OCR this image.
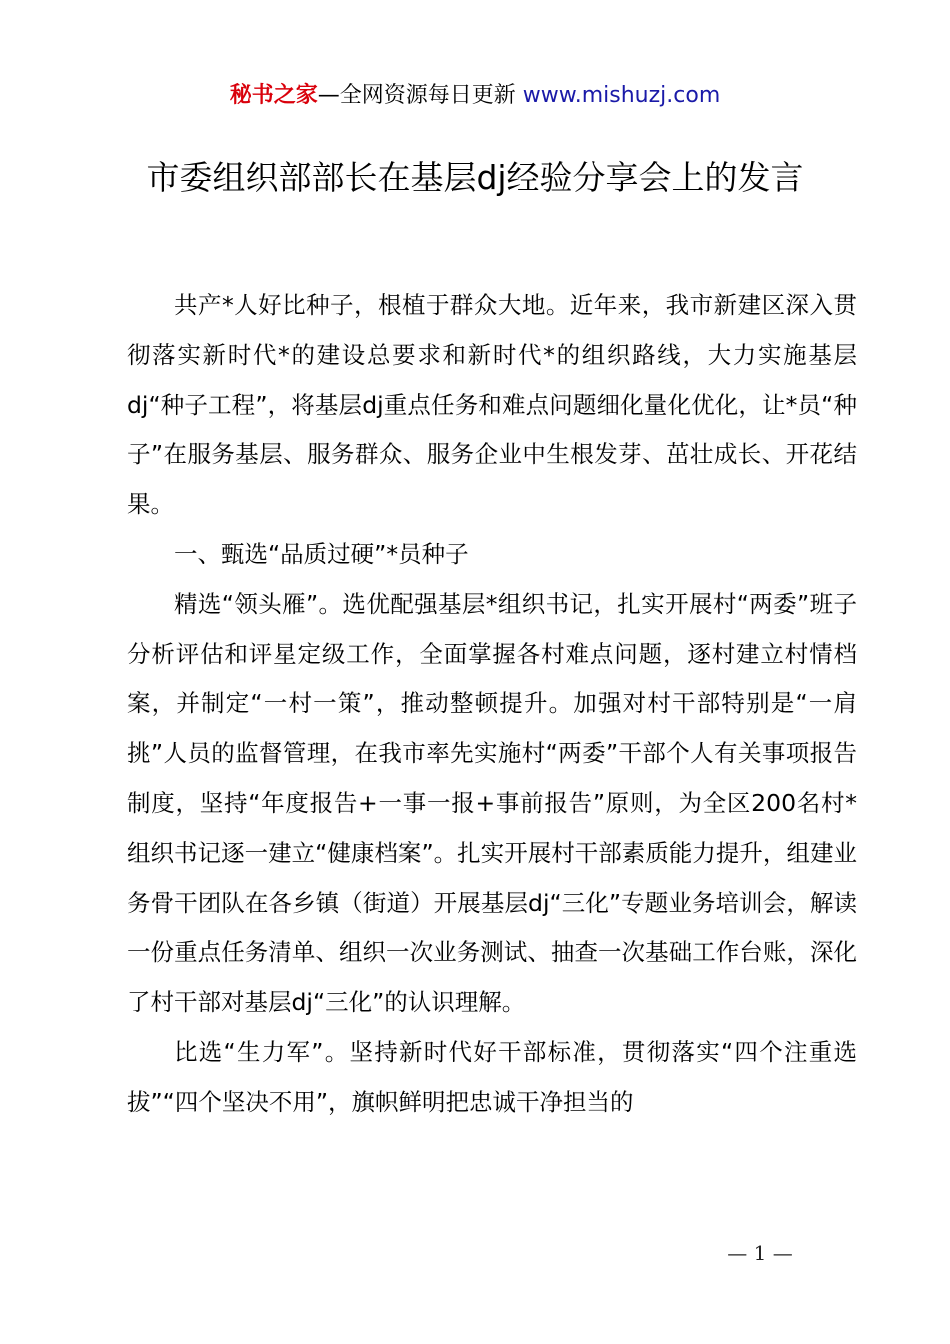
秘书之家—全网资源每日更新 www.mishuzj.com
市委组织部部长在基层dj经验分享会上的发言

共产*人好比种子，根植于群众大地。近年来，我市新建区深入贯彻落实新时代*的建设总要求和新时代*的组织路线，大力实施基层dj“种子工程”，将基层dj重点任务和难点问题细化量化优化，让*员“种子”在服务基层、服务群众、服务企业中生根发芽、茁壮成长、开花结果。

一、甄选“品质过硬”*员种子

精选“领头雁”。选优配强基层*组织书记，扎实开展村“两委”班子分析评估和评星定级工作，全面掌握各村难点问题，逐村建立村情档案，并制定“一村一策”，推动整顿提升。加强对村干部特别是“一肩挑”人员的监督管理，在我市率先实施村“两委”干部个人有关事项报告制度，坚持“年度报告+一事一报+事前报告”原则，为全区200名村*组织书记逐一建立“健康档案”。扎实开展村干部素质能力提升，组建业务骨干团队在各乡镇（街道）开展基层dj“三化”专题业务培训会，解读一份重点任务清单、组织一次业务测试、抽查一次基础工作台账，深化了村干部对基层dj“三化”的认识理解。

比选“生力军”。坚持新时代好干部标准，贯彻落实“四个注重选拔”“四个坚决不用”，旗帜鲜明把忠诚干净担当的

— 1 —
